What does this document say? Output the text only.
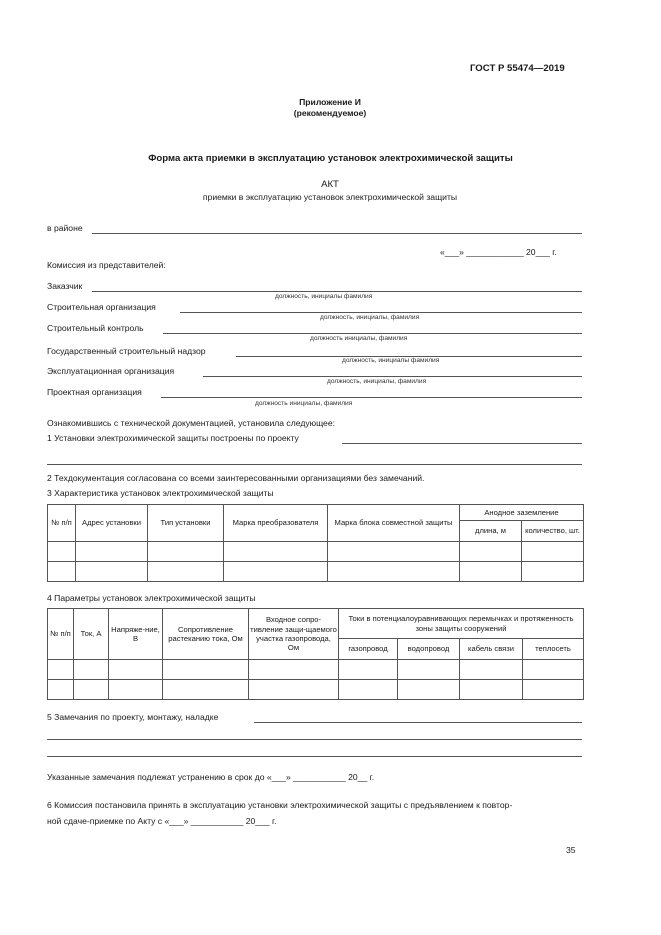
ГОСТ Р 55474—2019
Приложение И
(рекомендуемое)
Форма акта приемки в эксплуатацию установок электрохимической защиты
АКТ
приемки в эксплуатацию установок электрохимической защиты
в районе
«___» ____________ 20___ г.
Комиссия из представителей:
Заказчик
должность, инициалы фамилия
Строительная организация
должность, инициалы, фамилия
Строительный контроль
должность инициалы, фамилия
Государственный строительный надзор
должность, инициалы фамилия
Эксплуатационная организация
должность, инициалы, фамилия
Проектная организация
должность инициалы, фамилия
Ознакомившись с технической документацией, установила следующее:
1 Установки электрохимической защиты построены по проекту
2 Техдокументация согласована со всеми заинтересованными организациями без замечаний.
3 Характеристика установок электрохимической защиты
№ п/п	Адрес установки	Тип установки	Марка преобразователя	Марка блока совместной защиты	Анодное заземление	
					длина, м	количество, шт.

4 Параметры установок электрохимической защиты
№ п/п	Ток, А	Напряже-ние, В	Сопротивление растеканию тока, Ом	Входное сопро-тивление защи-щаемого участка газопровода, Ом	Токи в потенциалоуравнивающих перемычках и протяженность зоны защиты сооружений			
					газопровод	водопровод	кабель связи	теплосеть

5 Замечания по проекту, монтажу, наладке
Указанные замечания подлежат устранению в срок до «___» ___________ 20__ г.
6 Комиссия постановила принять в эксплуатацию установки электрохимической защиты с предъявлением к повтор-
ной сдаче-приемке по Акту с «___» ___________ 20___ г.
35
